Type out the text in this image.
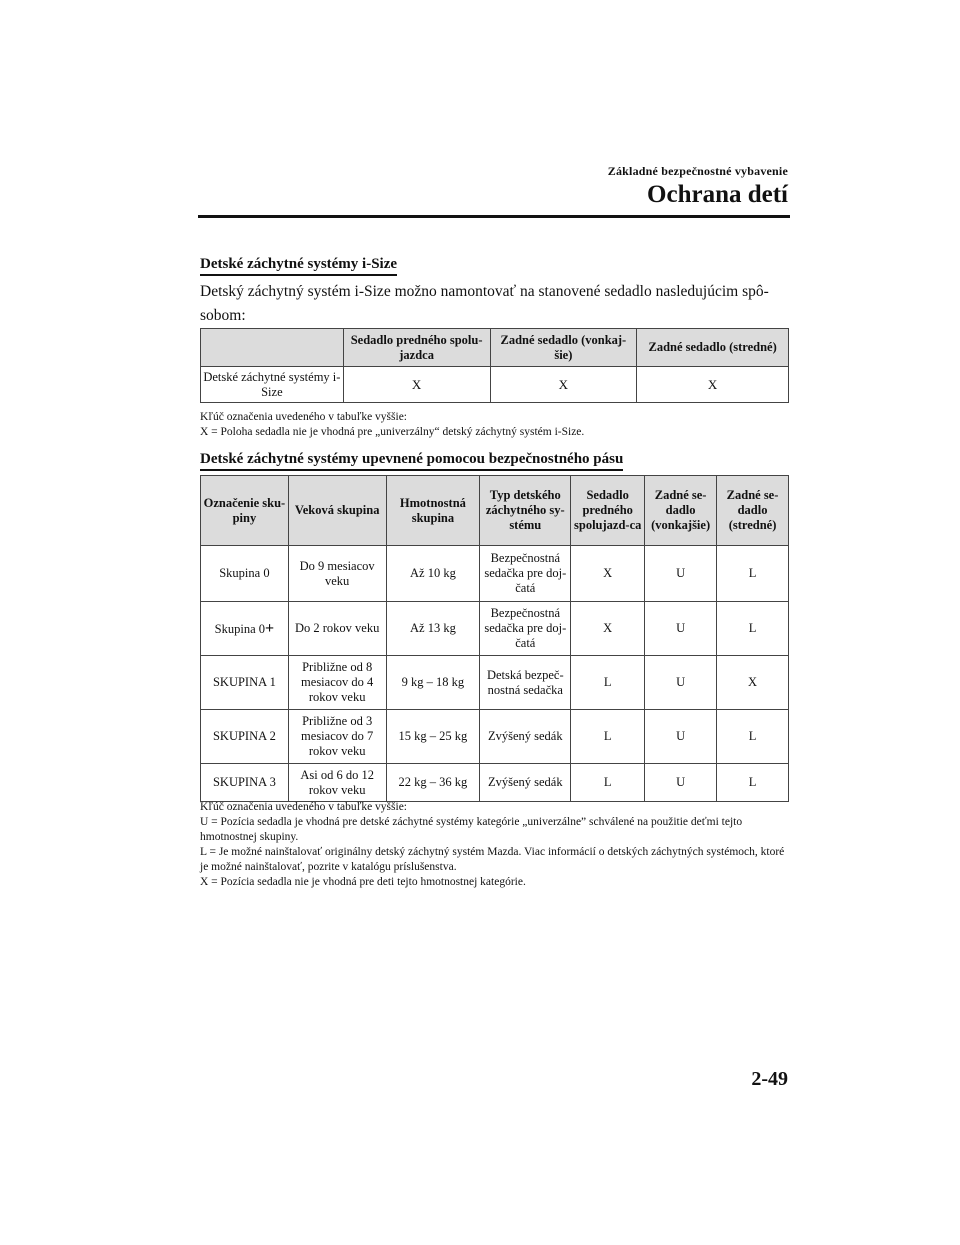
Základné bezpečnostné vybavenie
Ochrana detí
Detské záchytné systémy i-Size
Detský záchytný systém i-Size možno namontovať na stanovené sedadlo nasledujúcim spô-sobom:
	Sedadlo predného spolu-jazdca	Zadné sedadlo (vonkaj-šie)	Zadné sedadlo (stredné)
Detské záchytné systémy i-Size	X	X	X
Kľúč označenia uvedeného v tabuľke vyššie:
X = Poloha sedadla nie je vhodná pre „univerzálny“ detský záchytný systém i-Size.
Detské záchytné systémy upevnené pomocou bezpečnostného pásu
Označenie sku-piny	Veková skupina	Hmotnostná skupina	Typ detského záchytného sy-stému	Sedadlo predného spolujazd-ca	Zadné se-dadlo (vonkajšie)	Zadné se-dadlo (stredné)
Skupina 0	Do 9 mesiacov veku	Až 10 kg	Bezpečnostná sedačka pre doj-čatá	X	U	L
Skupina 0+	Do 2 rokov veku	Až 13 kg	Bezpečnostná sedačka pre doj-čatá	X	U	L
SKUPINA 1	Približne od 8 mesiacov do 4 rokov veku	9 kg – 18 kg	Detská bezpeč-nostná sedačka	L	U	X
SKUPINA 2	Približne od 3 mesiacov do 7 rokov veku	15 kg – 25 kg	Zvýšený sedák	L	U	L
SKUPINA 3	Asi od 6 do 12 rokov veku	22 kg – 36 kg	Zvýšený sedák	L	U	L
Kľúč označenia uvedeného v tabuľke vyššie:
U = Pozícia sedadla je vhodná pre detské záchytné systémy kategórie „univerzálne” schválené na použitie deťmi tejto hmotnostnej skupiny.
L = Je možné nainštalovať originálny detský záchytný systém Mazda. Viac informácií o detských záchytných systémoch, ktoré je možné nainštalovať, pozrite v katalógu príslušenstva.
X = Pozícia sedadla nie je vhodná pre deti tejto hmotnostnej kategórie.
2-49
